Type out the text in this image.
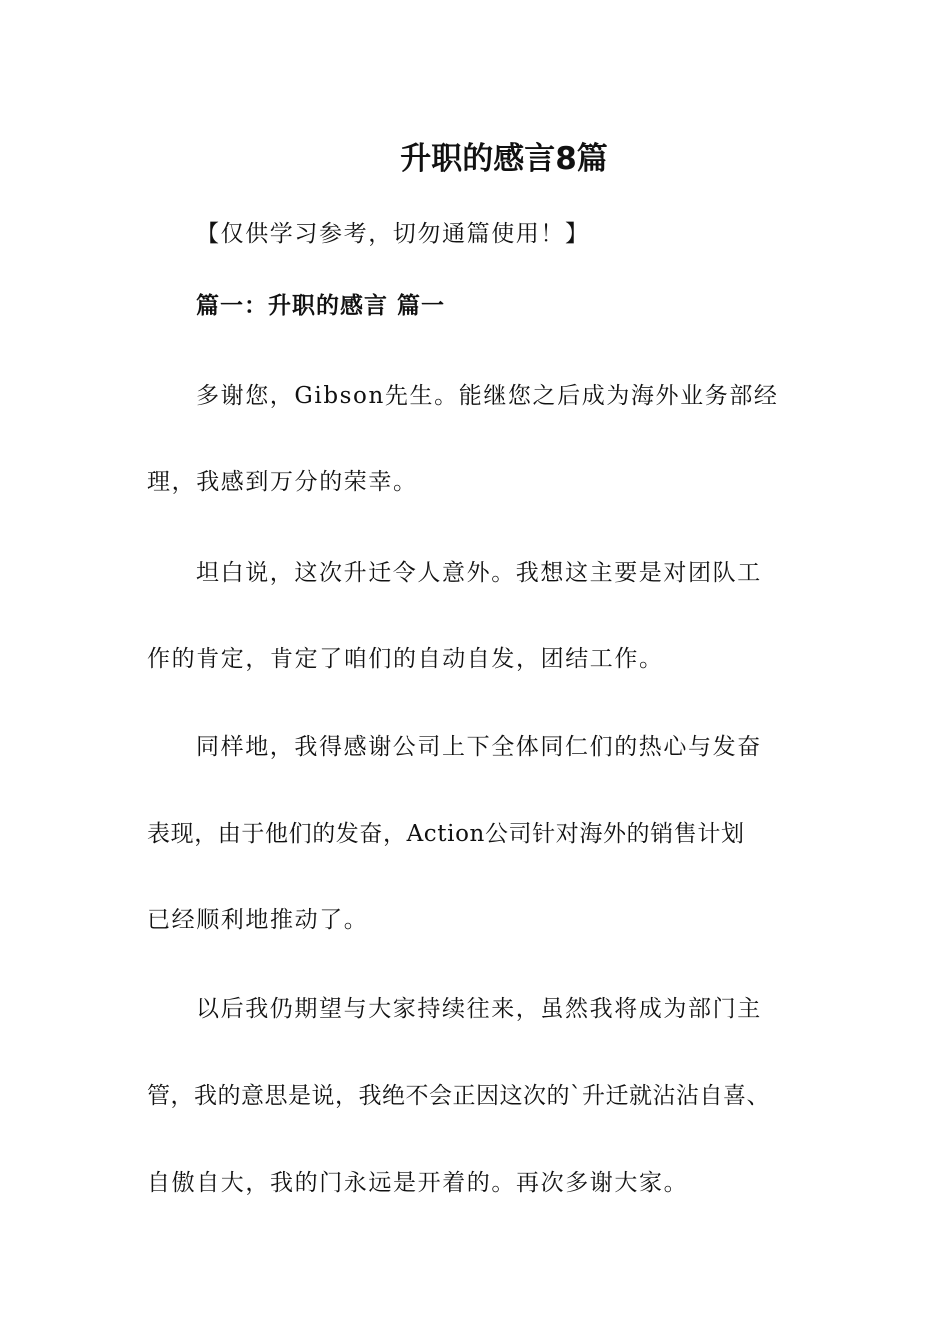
升职的感言8篇
【仅供学习参考，切勿通篇使用！】
篇一：升职的感言 篇一
多谢您，Gibson先生。能继您之后成为海外业务部经
理，我感到万分的荣幸。
坦白说，这次升迁令人意外。我想这主要是对团队工
作的肯定，肯定了咱们的自动自发，团结工作。
同样地，我得感谢公司上下全体同仁们的热心与发奋
表现，由于他们的发奋，Action公司针对海外的销售计划
已经顺利地推动了。
以后我仍期望与大家持续往来，虽然我将成为部门主
管，我的意思是说，我绝不会正因这次的`升迁就沾沾自喜、
自傲自大，我的门永远是开着的。再次多谢大家。
